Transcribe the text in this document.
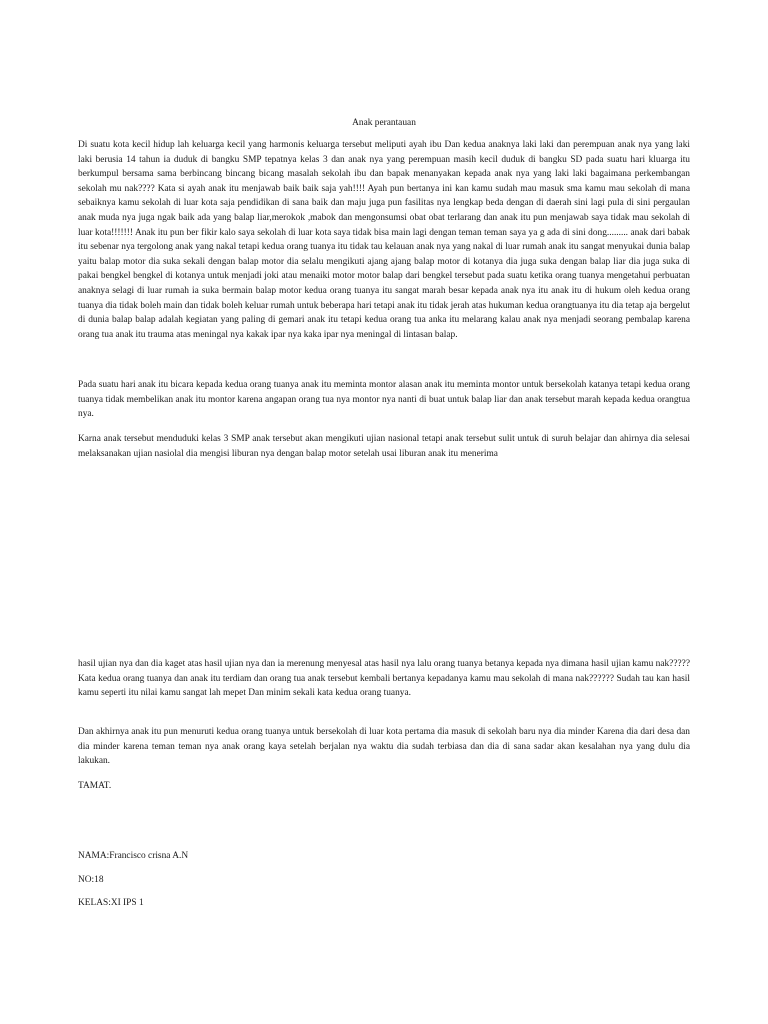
Anak perantauan

Di suatu kota kecil hidup lah keluarga kecil yang harmonis keluarga tersebut meliputi ayah ibu Dan kedua anaknya laki laki dan perempuan anak nya yang laki laki berusia 14 tahun ia duduk di bangku SMP tepatnya kelas 3 dan anak nya yang perempuan masih kecil duduk di bangku SD pada suatu hari kluarga itu berkumpul bersama sama berbincang bincang bicang masalah sekolah ibu dan bapak menanyakan kepada anak nya yang laki laki bagaimana perkembangan sekolah mu nak???? Kata si ayah anak itu menjawab baik baik saja yah!!!! Ayah pun bertanya ini kan kamu sudah mau masuk sma kamu mau sekolah di mana sebaiknya kamu sekolah di luar kota saja pendidikan di sana baik dan maju juga pun fasilitas nya lengkap beda dengan di daerah sini lagi pula di sini pergaulan anak muda nya juga ngak baik ada yang balap liar,merokok ,mabok dan mengonsumsi obat obat terlarang dan anak itu pun menjawab saya tidak mau sekolah di luar kota!!!!!!! Anak itu pun ber fikir kalo saya sekolah di luar kota saya tidak bisa main lagi dengan teman teman saya ya g ada di sini dong......... anak dari babak itu sebenar nya tergolong anak yang nakal tetapi kedua orang tuanya itu tidak tau kelauan anak nya yang nakal di luar rumah anak itu sangat menyukai dunia balap yaitu balap motor dia suka sekali dengan balap motor dia selalu mengikuti ajang ajang balap motor di kotanya dia juga suka dengan balap liar dia juga suka di pakai bengkel bengkel di kotanya untuk menjadi joki atau menaiki motor motor balap dari bengkel tersebut pada suatu ketika orang tuanya mengetahui perbuatan anaknya selagi di luar rumah ia suka bermain balap motor kedua orang tuanya itu sangat marah besar kepada anak nya itu anak itu di hukum oleh kedua orang tuanya dia tidak boleh main dan tidak boleh keluar rumah untuk beberapa hari tetapi anak itu tidak jerah atas hukuman kedua orangtuanya itu dia tetap aja bergelut di dunia balap balap adalah kegiatan yang paling di gemari anak itu tetapi kedua orang tua anka itu melarang kalau anak nya menjadi seorang pembalap karena orang tua anak itu trauma atas meningal nya kakak ipar nya kaka ipar nya meningal di lintasan balap.

Pada suatu hari anak itu bicara kepada kedua orang tuanya anak itu meminta montor alasan anak itu meminta montor untuk bersekolah katanya tetapi kedua orang tuanya tidak membelikan anak itu montor karena angapan orang tua nya montor nya nanti di buat untuk balap liar dan anak tersebut marah kepada kedua orangtua nya.

Karna anak tersebut menduduki kelas 3 SMP anak tersebut akan mengikuti ujian nasional tetapi anak tersebut sulit untuk di suruh belajar dan ahirnya dia selesai melaksanakan ujian nasiolal dia mengisi liburan nya dengan balap motor setelah usai liburan anak itu menerima

hasil ujian nya dan dia kaget atas hasil ujian nya dan ia merenung menyesal atas hasil nya lalu orang tuanya betanya kepada nya dimana hasil ujian kamu nak????? Kata kedua orang tuanya dan anak itu terdiam dan orang tua anak tersebut kembali bertanya kepadanya kamu mau sekolah di mana nak?????? Sudah tau kan hasil kamu seperti itu nilai kamu sangat lah mepet Dan minim sekali kata kedua orang tuanya.

Dan akhirnya anak itu pun menuruti kedua orang tuanya untuk bersekolah di luar kota pertama dia masuk di sekolah baru nya dia minder Karena dia dari desa dan dia minder karena teman teman nya anak orang kaya setelah berjalan nya waktu dia sudah terbiasa dan dia di sana sadar akan kesalahan nya yang dulu dia lakukan.

TAMAT.

NAMA:Francisco crisna A.N

NO:18

KELAS:XI IPS 1
